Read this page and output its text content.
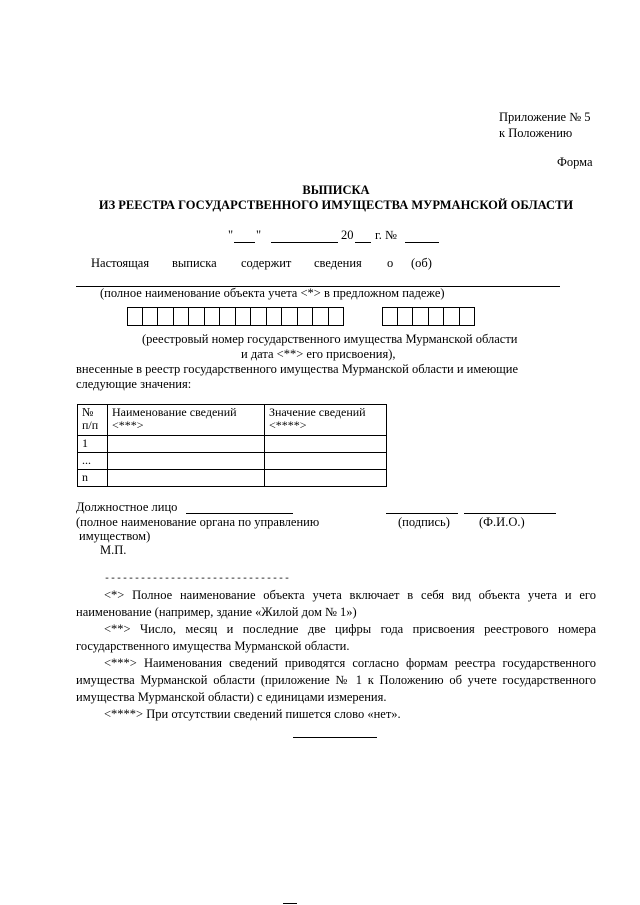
Приложение № 5
к Положению
Форма
ВЫПИСКА
ИЗ РЕЕСТРА ГОСУДАРСТВЕННОГО ИМУЩЕСТВА МУРМАНСКОЙ ОБЛАСТИ
" "	20 г. №
Настоящая выписка содержит сведения о (об)
(полное наименование объекта учета <*> в предложном падеже)
(реестровый номер государственного имущества Мурманской области
и дата <**> его присвоения),
внесенные в реестр государственного имущества Мурманской области и имеющие
следующие значения:
№ п/п	Наименование сведений <***>	Значение сведений <****>
1		
...		
n		
Должностное лицо
(полное наименование органа по управлению	(подпись) (Ф.И.О.)
имуществом)
М.П.
-------------------------------
<*> Полное наименование объекта учета включает в себя вид объекта учета и его наименование (например, здание «Жилой дом № 1»)
<**> Число, месяц и последние две цифры года присвоения реестрового номера государственного имущества Мурманской области.
<***> Наименования сведений приводятся согласно формам реестра государственного имущества Мурманской области (приложение № 1 к Положению об учете государственного имущества Мурманской области) с единицами измерения.
<****> При отсутствии сведений пишется слово «нет».
